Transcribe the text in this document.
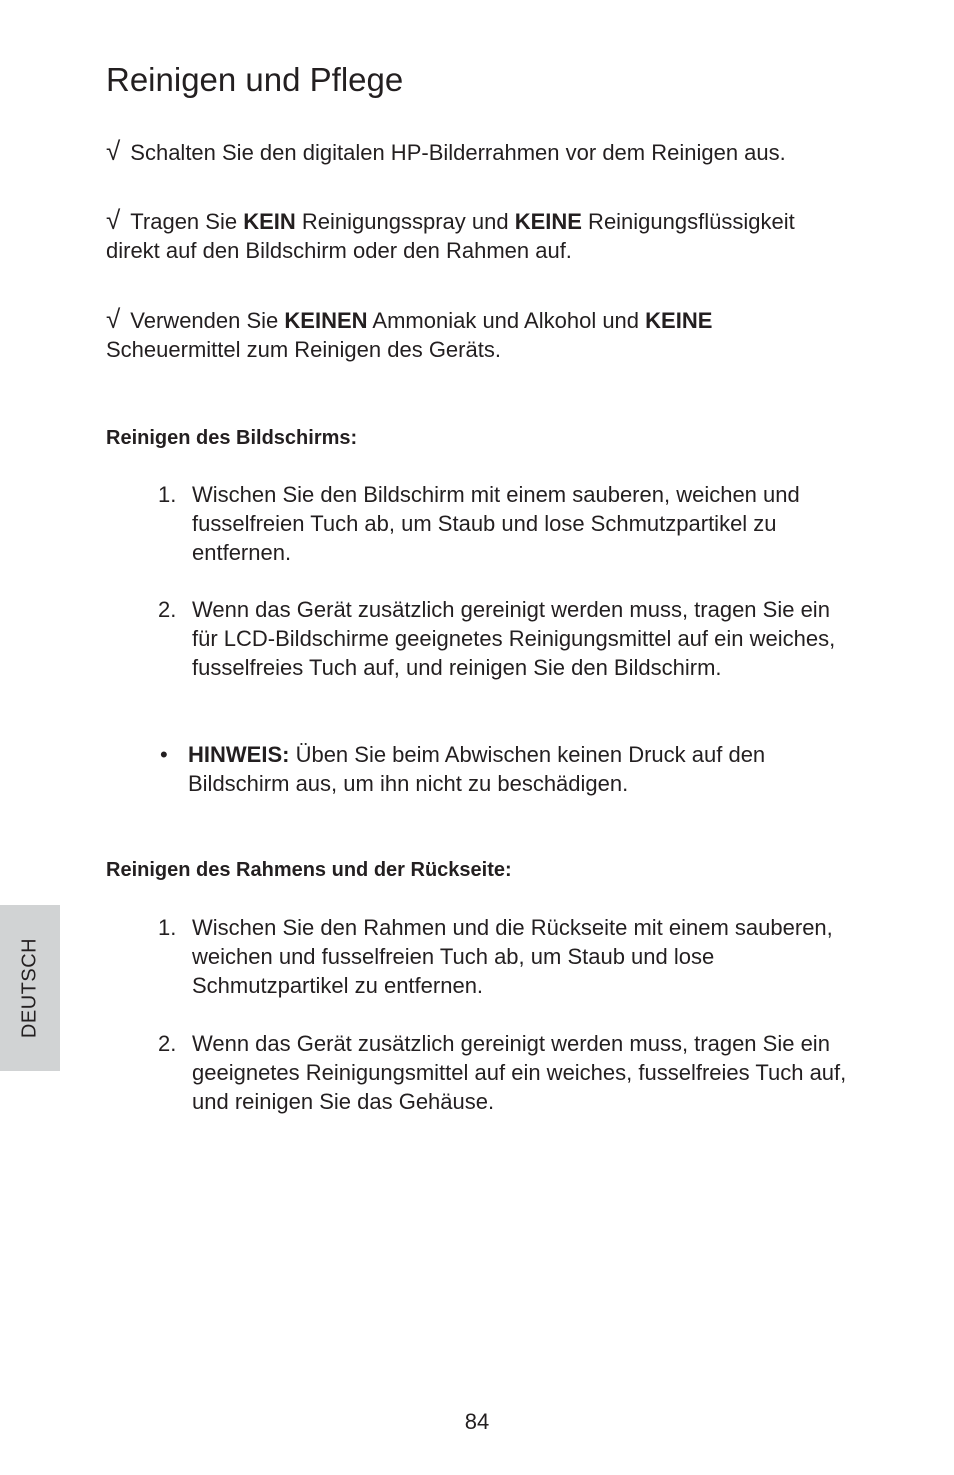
Reinigen und Pflege
√ Schalten Sie den digitalen HP-Bilderrahmen vor dem Reinigen aus.
√ Tragen Sie KEIN Reinigungsspray und KEINE Reinigungsflüssigkeit direkt auf den Bildschirm oder den Rahmen auf.
√ Verwenden Sie KEINEN Ammoniak und Alkohol und KEINE Scheuermittel zum Reinigen des Geräts.
Reinigen des Bildschirms:
1. Wischen Sie den Bildschirm mit einem sauberen, weichen und fusselfreien Tuch ab, um Staub und lose Schmutzpartikel zu entfernen.
2. Wenn das Gerät zusätzlich gereinigt werden muss, tragen Sie ein für LCD-Bildschirme geeignetes Reinigungsmittel auf ein weiches, fusselfreies Tuch auf, und reinigen Sie den Bildschirm.
• HINWEIS: Üben Sie beim Abwischen keinen Druck auf den Bildschirm aus, um ihn nicht zu beschädigen.
Reinigen des Rahmens und der Rückseite:
1. Wischen Sie den Rahmen und die Rückseite mit einem sauberen, weichen und fusselfreien Tuch ab, um Staub und lose Schmutzpartikel zu entfernen.
2. Wenn das Gerät zusätzlich gereinigt werden muss, tragen Sie ein geeignetes Reinigungsmittel auf ein weiches, fusselfreies Tuch auf, und reinigen Sie das Gehäuse.
DEUTSCH
84
